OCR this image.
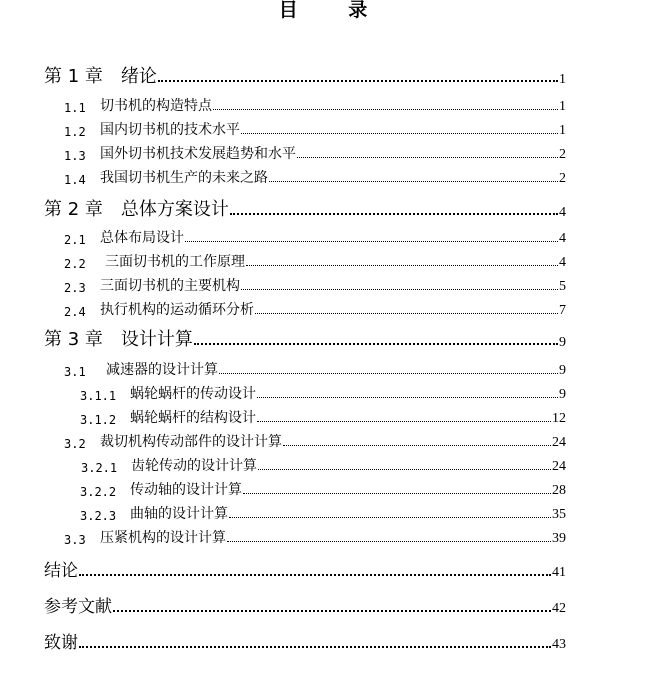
目 录
第 1 章 绪论	1
1.1	切书机的构造特点	1
1.2	国内切书机的技术水平	1
1.3	国外切书机技术发展趋势和水平	2
1.4	我国切书机生产的未来之路	2
第 2 章 总体方案设计	4
2.1	总体布局设计	4
2.2	三面切书机的工作原理	4
2.3	三面切书机的主要机构	5
2.4	执行机构的运动循环分析	7
第 3 章 设计计算	9
3.1	减速器的设计计算	9
3.1.1 蜗轮蜗杆的传动设计	9
3.1.2 蜗轮蜗杆的结构设计	12
3.2	裁切机构传动部件的设计计算	24
3.2.1 齿轮传动的设计计算	24
3.2.2 传动轴的设计计算	28
3.2.3 曲轴的设计计算	35
3.3	压紧机构的设计计算	39
结论	41
参考文献	42
致谢	43
